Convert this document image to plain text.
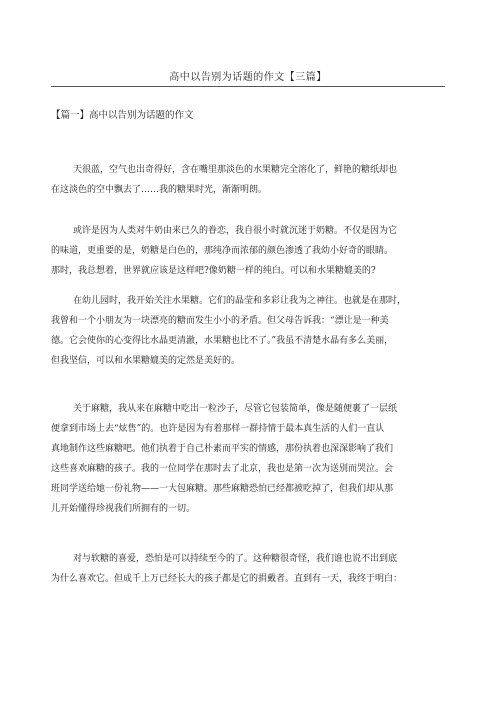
高中以告别为话题的作文【三篇】
【篇一】高中以告别为话题的作文
天很蓝，空气也出奇得好，含在嘴里那淡色的水果糖完全溶化了，鲜艳的糖纸却也
在这淡色的空中飘去了……我的糖果时光，渐渐明朗。
或许是因为人类对牛奶由来已久的眷恋，我自很小时就沉迷于奶糖。不仅是因为它
的味道，更重要的是，奶糖是白色的，那纯净而浓郁的颜色渗透了我幼小好奇的眼睛。
那时，我总想着，世界就应该是这样吧?像奶糖一样的纯白。可以和水果糖媲美的?
在幼儿园时，我开始关注水果糖。它们的晶莹和多彩让我为之神往。也就是在那时，
我曾和一个小朋友为一块漂亮的糖而发生小小的矛盾。但父母告诉我：“漂让是一种美
德。它会使你的心变得比水晶更清澈，水果糖也比不了。”我虽不清楚水晶有多么美丽，
但我坚信，可以和水果糖媲美的定然是美好的。
关于麻糖，我从来在麻糖中吃出一粒沙子，尽管它包装简单，像是随便裹了一层纸
便拿到市场上去“炫售”的。也许是因为有着那样一群持情于最本真生活的人们一直认
真地制作这些麻糖吧。他们执着于自己朴素而平实的情感，那份执着也深深影响了我们
这些喜欢麻糖的孩子。我的一位同学在那时去了北京，我也是第一次为送别而哭泣。会
班同学送给她一份礼物——一大包麻糖。那些麻糖恐怕已经都被吃掉了，但我们却从那
儿开始懂得珍视我们所拥有的一切。
对与软糖的喜爱，恐怕是可以持续至今的了。这种糖很奇怪，我们谁也说不出到底
为什么喜欢它。但成千上万已经长大的孩子都是它的捐戴者。直到有一天，我终于明白：
